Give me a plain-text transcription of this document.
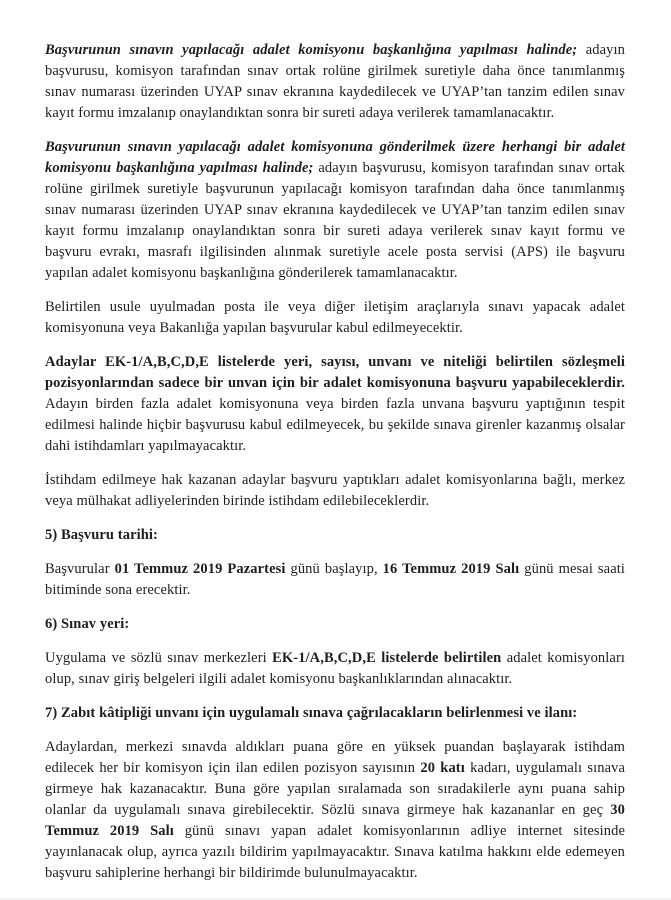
Başvurunun sınavın yapılacağı adalet komisyonu başkanlığına yapılması halinde; adayın başvurusu, komisyon tarafından sınav ortak rolüne girilmek suretiyle daha önce tanımlanmış sınav numarası üzerinden UYAP sınav ekranına kaydedilecek ve UYAP’tan tanzim edilen sınav kayıt formu imzalanıp onaylandıktan sonra bir sureti adaya verilerek tamamlanacaktır.

Başvurunun sınavın yapılacağı adalet komisyonuna gönderilmek üzere herhangi bir adalet komisyonu başkanlığına yapılması halinde; adayın başvurusu, komisyon tarafından sınav ortak rolüne girilmek suretiyle başvurunun yapılacağı komisyon tarafından daha önce tanımlanmış sınav numarası üzerinden UYAP sınav ekranına kaydedilecek ve UYAP’tan tanzim edilen sınav kayıt formu imzalanıp onaylandıktan sonra bir sureti adaya verilerek sınav kayıt formu ve başvuru evrakı, masrafı ilgilisinden alınmak suretiyle acele posta servisi (APS) ile başvuru yapılan adalet komisyonu başkanlığına gönderilerek tamamlanacaktır.

Belirtilen usule uyulmadan posta ile veya diğer iletişim araçlarıyla sınavı yapacak adalet komisyonuna veya Bakanlığa yapılan başvurular kabul edilmeyecektir.

Adaylar EK-1/A,B,C,D,E listelerde yeri, sayısı, unvanı ve niteliği belirtilen sözleşmeli pozisyonlarından sadece bir unvan için bir adalet komisyonuna başvuru yapabileceklerdir. Adayın birden fazla adalet komisyonuna veya birden fazla unvana başvuru yaptığının tespit edilmesi halinde hiçbir başvurusu kabul edilmeyecek, bu şekilde sınava girenler kazanmış olsalar dahi istihdamları yapılmayacaktır.

İstihdam edilmeye hak kazanan adaylar başvuru yaptıkları adalet komisyonlarına bağlı, merkez veya mülhakat adliyelerinden birinde istihdam edilebileceklerdir.

5) Başvuru tarihi:

Başvurular 01 Temmuz 2019 Pazartesi günü başlayıp, 16 Temmuz 2019 Salı günü mesai saati bitiminde sona erecektir.

6) Sınav yeri:

Uygulama ve sözlü sınav merkezleri EK-1/A,B,C,D,E listelerde belirtilen adalet komisyonları olup, sınav giriş belgeleri ilgili adalet komisyonu başkanlıklarından alınacaktır.

7) Zabıt kâtipliği unvanı için uygulamalı sınava çağrılacakların belirlenmesi ve ilanı:

Adaylardan, merkezi sınavda aldıkları puana göre en yüksek puandan başlayarak istihdam edilecek her bir komisyon için ilan edilen pozisyon sayısının 20 katı kadarı, uygulamalı sınava girmeye hak kazanacaktır. Buna göre yapılan sıralamada son sıradakilerle aynı puana sahip olanlar da uygulamalı sınava girebilecektir. Sözlü sınava girmeye hak kazananlar en geç 30 Temmuz 2019 Salı günü sınavı yapan adalet komisyonlarının adliye internet sitesinde yayınlanacak olup, ayrıca yazılı bildirim yapılmayacaktır. Sınava katılma hakkını elde edemeyen başvuru sahiplerine herhangi bir bildirimde bulunulmayacaktır.
